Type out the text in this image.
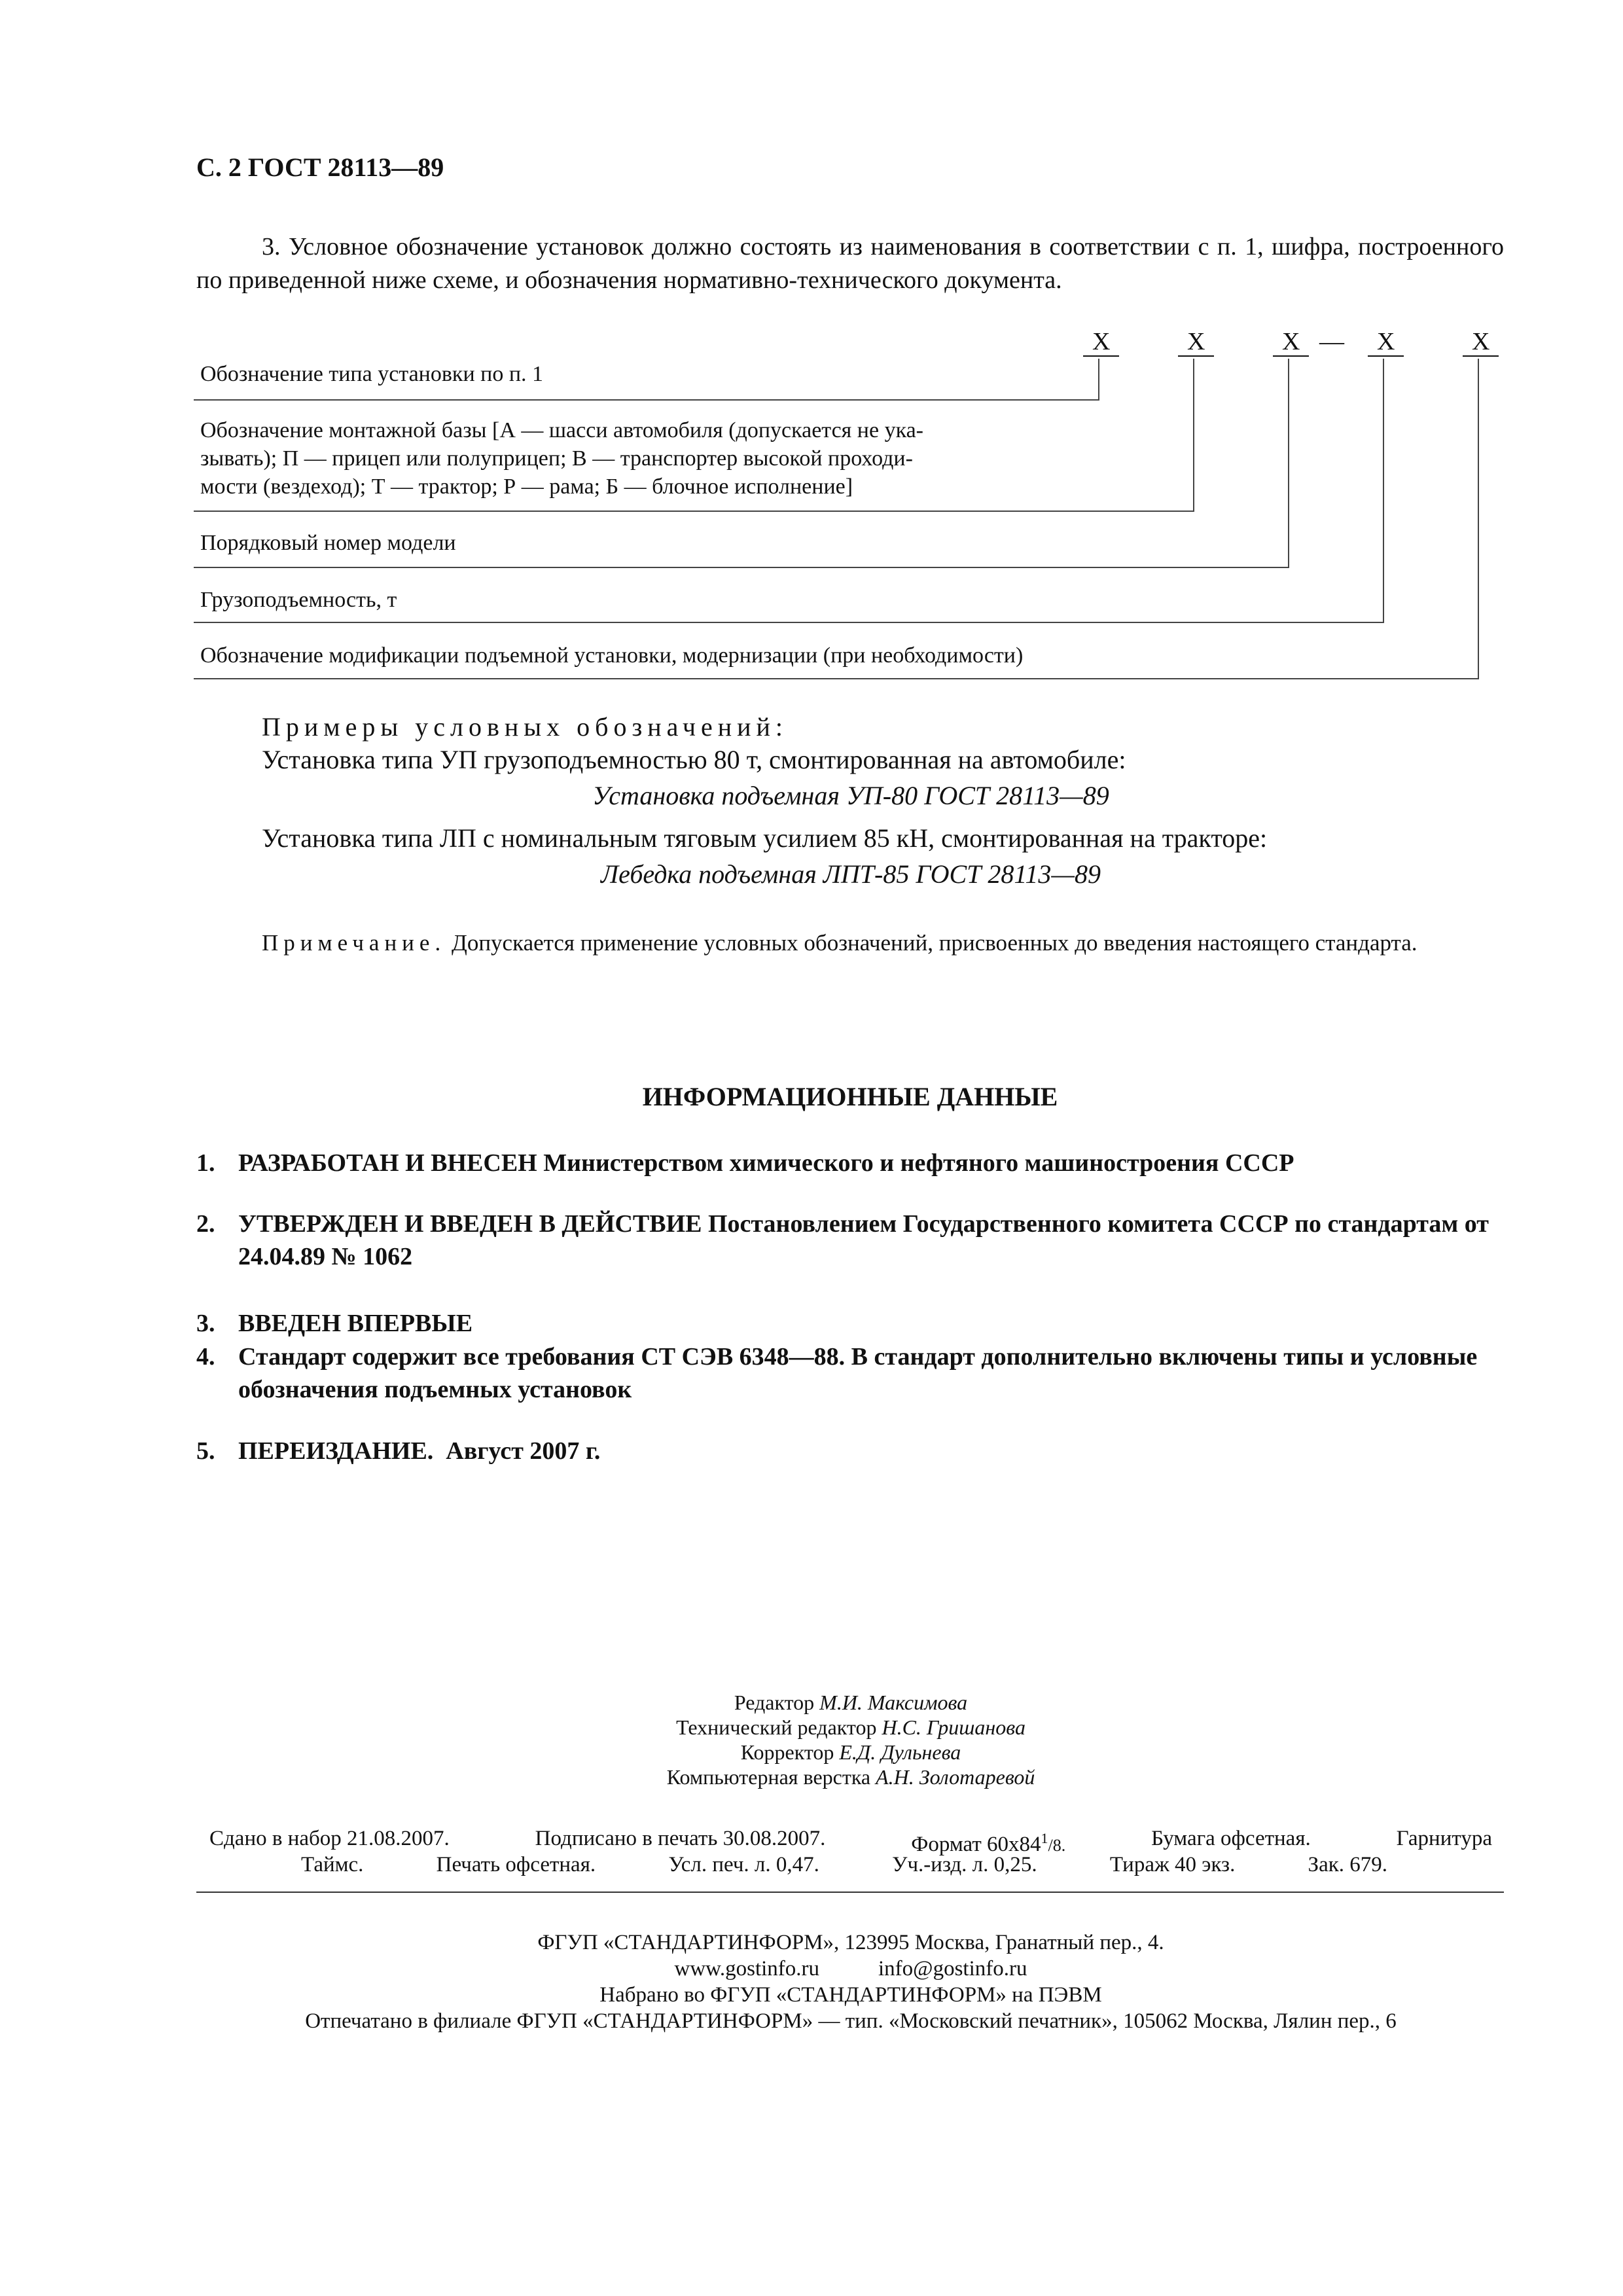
С. 2 ГОСТ 28113—89
3. Условное обозначение установок должно состоять из наименования в соответствии с п. 1, шифра, построенного по приведенной ниже схеме, и обозначения нормативно-технического документа.
X	X	X —	X	X
Обозначение типа установки по п. 1
Обозначение монтажной базы [А — шасси автомобиля (допускается не ука-
зывать); П — прицеп или полуприцеп; В — транспортер высокой проходи-
мости (вездеход); Т — трактор; Р — рама; Б — блочное исполнение]
Порядковый номер модели
Грузоподъемность, т
Обозначение модификации подъемной установки, модернизации (при необходимости)
Примеры условных обозначений:
Установка типа УП грузоподъемностью 80 т, смонтированная на автомобиле:
Установка подъемная УП-80 ГОСТ 28113—89
Установка типа ЛП с номинальным тяговым усилием 85 кН, смонтированная на тракторе:
Лебедка подъемная ЛПТ-85 ГОСТ 28113—89
Примечание. Допускается применение условных обозначений, присвоенных до введения настоящего стандарта.
ИНФОРМАЦИОННЫЕ ДАННЫЕ
1. РАЗРАБОТАН И ВНЕСЕН Министерством химического и нефтяного машиностроения СССР
2. УТВЕРЖДЕН И ВВЕДЕН В ДЕЙСТВИЕ Постановлением Государственного комитета СССР по стандартам от 24.04.89 № 1062
3. ВВЕДЕН ВПЕРВЫЕ
4. Стандарт содержит все требования СТ СЭВ 6348—88. В стандарт дополнительно включены типы и условные обозначения подъемных установок
5. ПЕРЕИЗДАНИЕ.  Август 2007 г.
Редактор М.И. Максимова
Технический редактор Н.С. Гришанова
Корректор Е.Д. Дульнева
Компьютерная верстка А.Н. Золотаревой
Сдано в набор 21.08.2007.	Подписано в печать 30.08.2007.	Формат $60x84^1/8$.	Бумага офсетная.	Гарнитура
Таймс.	Печать офсетная.	Усл. печ. л. 0,47.	Уч.-изд. л. 0,25.	Тираж 40 экз.	Зак. 679.
ФГУП «СТАНДАРТИНФОРМ», 123995 Москва, Гранатный пер., 4.
www.gostinfo.ru	info@gostinfo.ru
Набрано во ФГУП «СТАНДАРТИНФОРМ» на ПЭВМ
Отпечатано в филиале ФГУП «СТАНДАРТИНФОРМ» — тип. «Московский печатник», 105062 Москва, Лялин пер., 6
